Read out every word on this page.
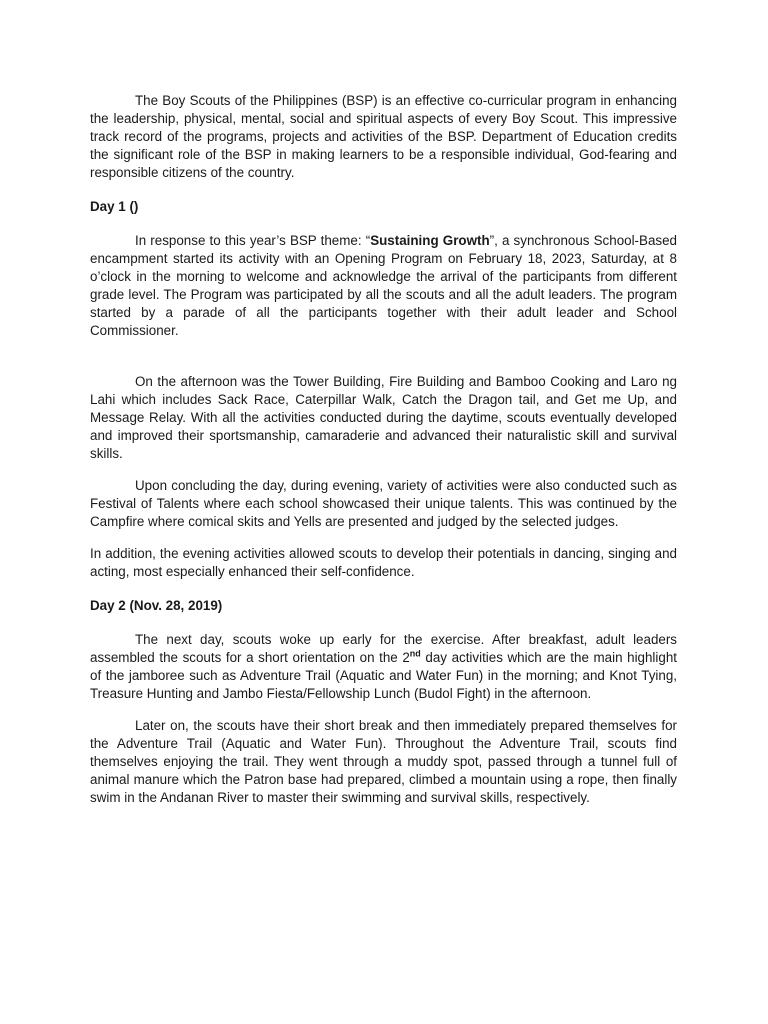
The Boy Scouts of the Philippines (BSP) is an effective co-curricular program in enhancing the leadership, physical, mental, social and spiritual aspects of every Boy Scout. This impressive track record of the programs, projects and activities of the BSP. Department of Education credits the significant role of the BSP in making learners to be a responsible individual, God-fearing and responsible citizens of the country.

Day 1 ()

In response to this year’s BSP theme: “Sustaining Growth”, a synchronous School-Based encampment started its activity with an Opening Program on February 18, 2023, Saturday, at 8 o’clock in the morning to welcome and acknowledge the arrival of the participants from different grade level. The Program was participated by all the scouts and all the adult leaders. The program started by a parade of all the participants together with their adult leader and School Commissioner.

On the afternoon was the Tower Building, Fire Building and Bamboo Cooking and Laro ng Lahi which includes Sack Race, Caterpillar Walk, Catch the Dragon tail, and Get me Up, and Message Relay. With all the activities conducted during the daytime, scouts eventually developed and improved their sportsmanship, camaraderie and advanced their naturalistic skill and survival skills.

Upon concluding the day, during evening, variety of activities were also conducted such as Festival of Talents where each school showcased their unique talents. This was continued by the Campfire where comical skits and Yells are presented and judged by the selected judges.

In addition, the evening activities allowed scouts to develop their potentials in dancing, singing and acting, most especially enhanced their self-confidence.

Day 2 (Nov. 28, 2019)

The next day, scouts woke up early for the exercise. After breakfast, adult leaders assembled the scouts for a short orientation on the 2nd day activities which are the main highlight of the jamboree such as Adventure Trail (Aquatic and Water Fun) in the morning; and Knot Tying, Treasure Hunting and Jambo Fiesta/Fellowship Lunch (Budol Fight) in the afternoon.

Later on, the scouts have their short break and then immediately prepared themselves for the Adventure Trail (Aquatic and Water Fun). Throughout the Adventure Trail, scouts find themselves enjoying the trail. They went through a muddy spot, passed through a tunnel full of animal manure which the Patron base had prepared, climbed a mountain using a rope, then finally swim in the Andanan River to master their swimming and survival skills, respectively.
